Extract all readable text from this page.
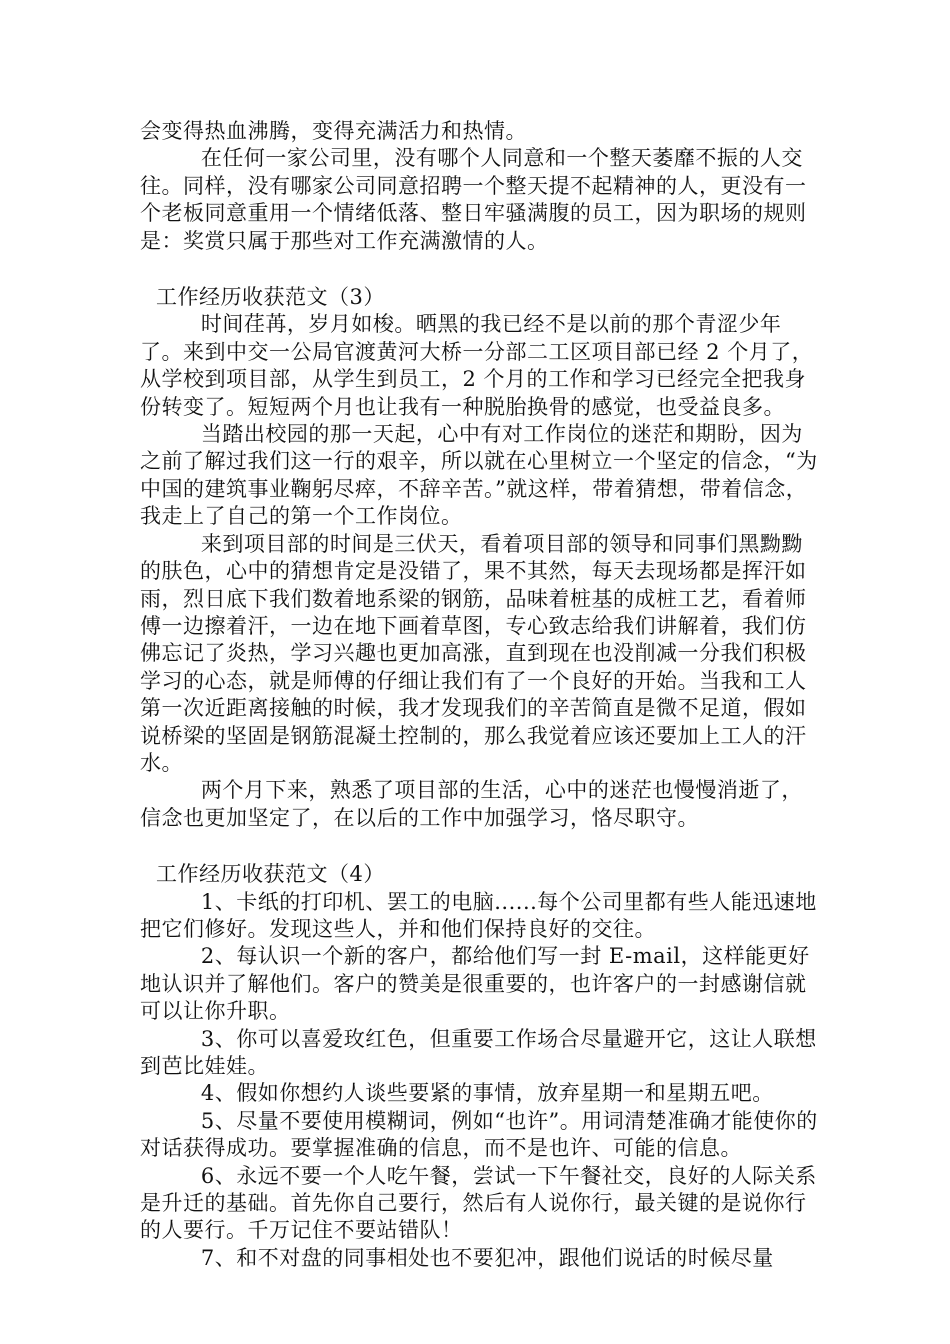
会变得热血沸腾，变得充满活力和热情。

在任何一家公司里，没有哪个人同意和一个整天萎靡不振的人交往。同样，没有哪家公司同意招聘一个整天提不起精神的人，更没有一个老板同意重用一个情绪低落、整日牢骚满腹的员工，因为职场的规则是：奖赏只属于那些对工作充满激情的人。

工作经历收获范文（3）

时间荏苒，岁月如梭。晒黑的我已经不是以前的那个青涩少年了。来到中交一公局官渡黄河大桥一分部二工区项目部已经 2 个月了，从学校到项目部，从学生到员工，2 个月的工作和学习已经完全把我身份转变了。短短两个月也让我有一种脱胎换骨的感觉，也受益良多。

当踏出校园的那一天起，心中有对工作岗位的迷茫和期盼，因为之前了解过我们这一行的艰辛，所以就在心里树立一个坚定的信念，“为中国的建筑事业鞠躬尽瘁，不辞辛苦。”就这样，带着猜想，带着信念，我走上了自己的第一个工作岗位。

来到项目部的时间是三伏天，看着项目部的领导和同事们黑黝黝的肤色，心中的猜想肯定是没错了，果不其然，每天去现场都是挥汗如雨，烈日底下我们数着地系梁的钢筋，品味着桩基的成桩工艺，看着师傅一边擦着汗，一边在地下画着草图，专心致志给我们讲解着，我们仿佛忘记了炎热，学习兴趣也更加高涨，直到现在也没削减一分我们积极学习的心态，就是师傅的仔细让我们有了一个良好的开始。当我和工人第一次近距离接触的时候，我才发现我们的辛苦简直是微不足道，假如说桥梁的坚固是钢筋混凝土控制的，那么我觉着应该还要加上工人的汗水。

两个月下来，熟悉了项目部的生活，心中的迷茫也慢慢消逝了，信念也更加坚定了，在以后的工作中加强学习，恪尽职守。

工作经历收获范文（4）

1、卡纸的打印机、罢工的电脑......每个公司里都有些人能迅速地把它们修好。发现这些人，并和他们保持良好的交往。

2、每认识一个新的客户，都给他们写一封 E-mail，这样能更好地认识并了解他们。客户的赞美是很重要的，也许客户的一封感谢信就可以让你升职。

3、你可以喜爱玫红色，但重要工作场合尽量避开它，这让人联想到芭比娃娃。

4、假如你想约人谈些要紧的事情，放弃星期一和星期五吧。

5、尽量不要使用模糊词，例如“也许”。用词清楚准确才能使你的对话获得成功。要掌握准确的信息，而不是也许、可能的信息。

6、永远不要一个人吃午餐，尝试一下午餐社交，良好的人际关系是升迁的基础。首先你自己要行，然后有人说你行，最关键的是说你行的人要行。千万记住不要站错队！

7、和不对盘的同事相处也不要犯冲，跟他们说话的时候尽量
